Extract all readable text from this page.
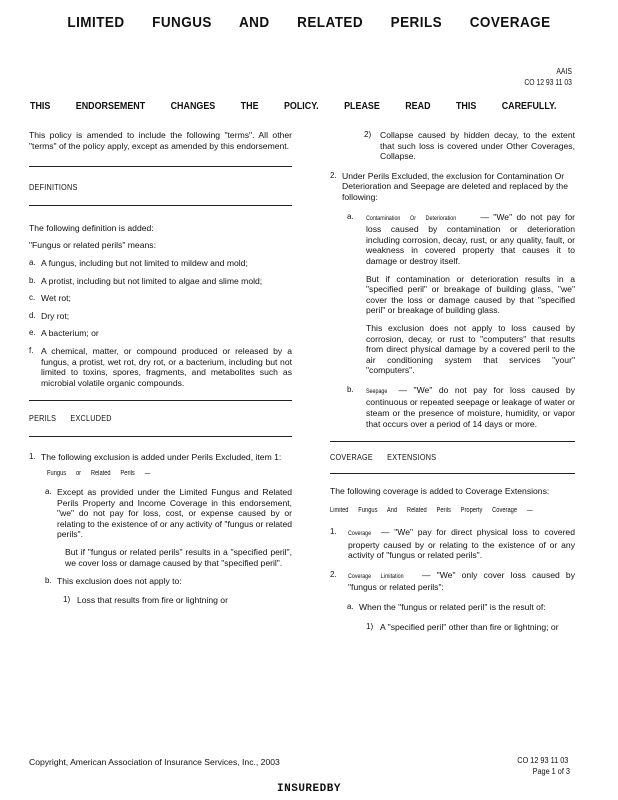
LIMITED FUNGUS AND RELATED PERILS COVERAGE
AAIS
CO 12 93 11 03
THIS ENDORSEMENT CHANGES THE POLICY. PLEASE READ THIS CAREFULLY.

This policy is amended to include the following "terms". All other "terms" of the policy apply, except as amended by this endorsement.

DEFINITIONS

The following definition is added:

"Fungus or related perils" means:

a. A fungus, including but not limited to mildew and mold;
b. A protist, including but not limited to algae and slime mold;
c. Wet rot;
d. Dry rot;
e. A bacterium; or
f. A chemical, matter, or compound produced or released by a fungus, a protist, wet rot, dry rot, or a bacterium, including but not limited to toxins, spores, fragments, and metabolites such as microbial volatile organic compounds.
PERILS EXCLUDED
1. The following exclusion is added under Perils Excluded, item 1:
Fungus or Related Perils —
a. Except as provided under the Limited Fungus and Related Perils Property and Income Coverage in this endorsement, "we" do not pay for loss, cost, or expense caused by or relating to the existence of or any activity of "fungus or related perils".

But if "fungus or related perils" results in a "specified peril", we cover loss or damage caused by that "specified peril".

b. This exclusion does not apply to:
1) Loss that results from fire or lightning or
2)	Collapse caused by hidden decay, to the extent that such loss is covered under Other Coverages, Collapse.
2. Under Perils Excluded, the exclusion for Contamination Or Deterioration and Seepage are deleted and replaced by the following:
a.	Contamination Or Deterioration	— "We" do not pay for loss caused by contamination or deterioration including corrosion, decay, rust, or any quality, fault, or weakness in covered property that causes it to damage or destroy itself.

But if contamination or deterioration results in a "specified peril" or breakage of building glass, "we" cover the loss or damage caused by that "specified peril" or breakage of building glass.

This exclusion does not apply to loss caused by corrosion, decay, or rust to "computers" that results from direct physical damage by a covered peril to the air conditioning system that services "your" "computers".

b.	Seepage — "We" do not pay for loss caused by continuous or repeated seepage or leakage of water or steam or the presence of moisture, humidity, or vapor that occurs over a period of 14 days or more.
COVERAGE EXTENSIONS

The following coverage is added to Coverage Extensions:

Limited Fungus And Related Perils Property Coverage —
1.	Coverage — "We" pay for direct physical loss to covered property caused by or relating to the existence of or any activity of "fungus or related perils".
2.	Coverage Limitation — "We" only cover loss caused by "fungus or related perils":
a. When the "fungus or related peril" is the result of:
1) A "specified peril" other than fire or lightning; or
Copyright, American Association of Insurance Services, Inc., 2003	CO 12 93 11 03
Page 1 of 3
INSUREDBY
